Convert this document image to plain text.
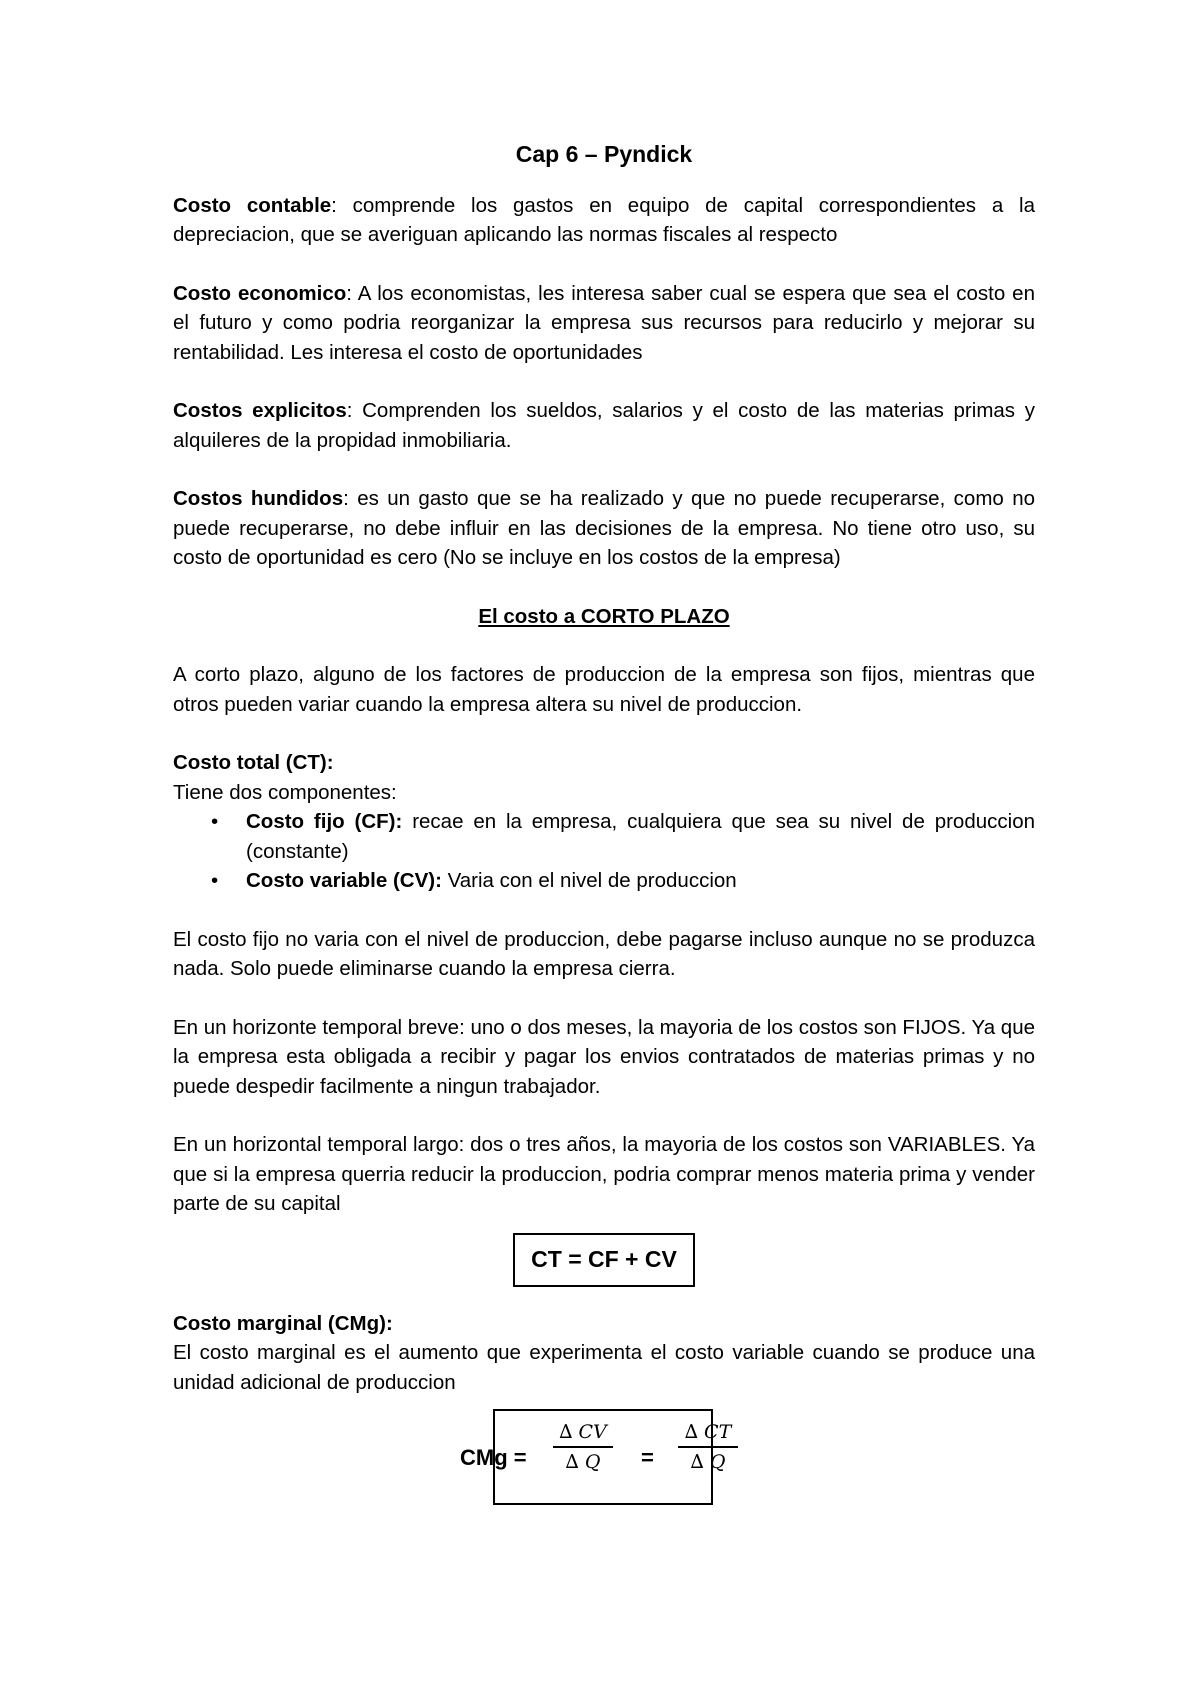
Cap 6 – Pyndick

Costo contable: comprende los gastos en equipo de capital correspondientes a la depreciacion, que se averiguan aplicando las normas fiscales al respecto

Costo economico: A los economistas, les interesa saber cual se espera que sea el costo en el futuro y como podria reorganizar la empresa sus recursos para reducirlo y mejorar su rentabilidad. Les interesa el costo de oportunidades

Costos explicitos: Comprenden los sueldos, salarios y el costo de las materias primas y alquileres de la propidad inmobiliaria.

Costos hundidos: es un gasto que se ha realizado y que no puede recuperarse, como no puede recuperarse, no debe influir en las decisiones de la empresa. No tiene otro uso, su costo de oportunidad es cero (No se incluye en los costos de la empresa)

El costo a CORTO PLAZO

A corto plazo, alguno de los factores de produccion de la empresa son fijos, mientras que otros pueden variar cuando la empresa altera su nivel de produccion.

Costo total (CT):

Tiene dos componentes:

• Costo fijo (CF): recae en la empresa, cualquiera que sea su nivel de produccion (constante)
• Costo variable (CV): Varia con el nivel de produccion

El costo fijo no varia con el nivel de produccion, debe pagarse incluso aunque no se produzca nada. Solo puede eliminarse cuando la empresa cierra.

En un horizonte temporal breve: uno o dos meses, la mayoria de los costos son FIJOS. Ya que la empresa esta obligada a recibir y pagar los envios contratados de materias primas y no puede despedir facilmente a ningun trabajador.

En un horizontal temporal largo: dos o tres años, la mayoria de los costos son VARIABLES. Ya que si la empresa querria reducir la produccion, podria comprar menos materia prima y vender parte de su capital

CT = CF + CV

Costo marginal (CMg):

El costo marginal es el aumento que experimenta el costo variable cuando se produce una unidad adicional de produccion

CMg =
∆ CV
∆ Q	=
∆ CT
∆ Q
